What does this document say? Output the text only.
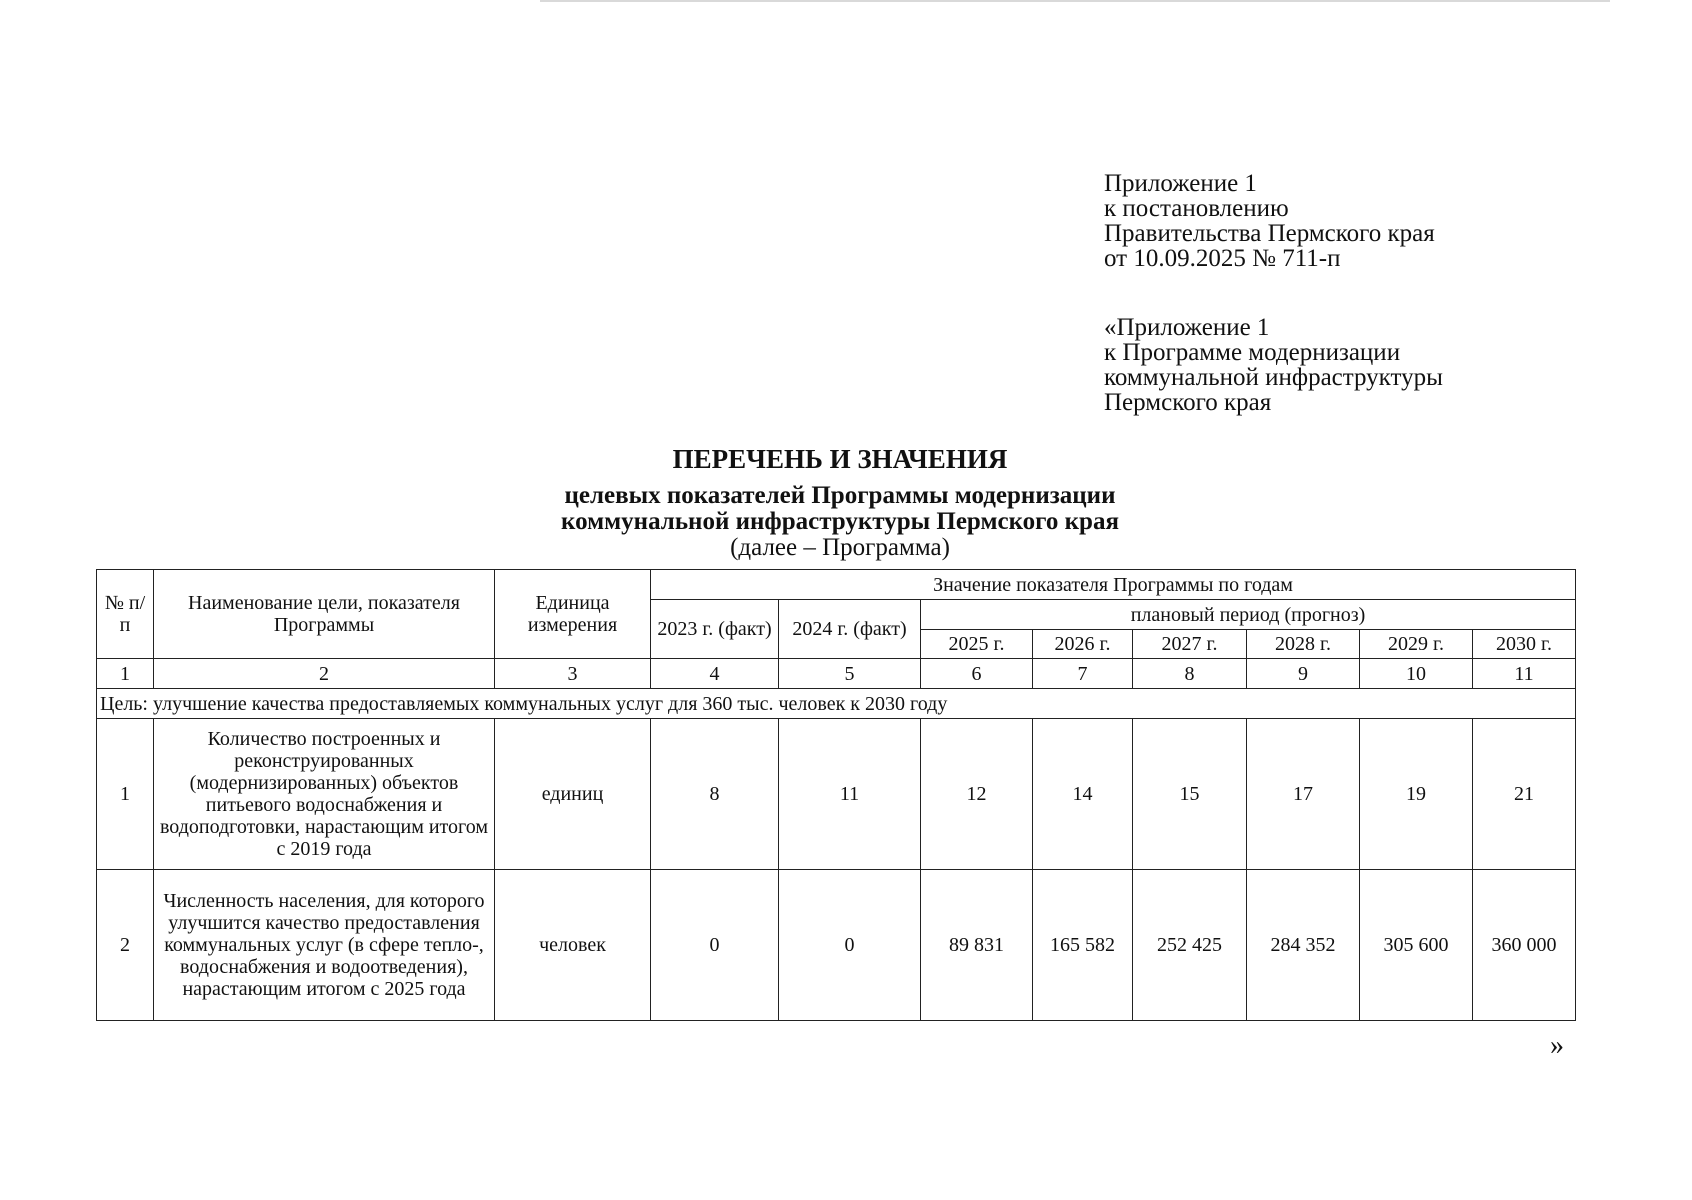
Приложение 1
к постановлению
Правительства Пермского края
от 10.09.2025 № 711-п
«Приложение 1
к Программе модернизации
коммунальной инфраструктуры
Пермского края
ПЕРЕЧЕНЬ И ЗНАЧЕНИЯ
целевых показателей Программы модернизации
коммунальной инфраструктуры Пермского края
(далее – Программа)
№ п/п	Наименование цели, показателя Программы	Единица измерения	Значение показателя Программы по годам							
			2023 г. (факт)	2024 г. (факт)	плановый период (прогноз)					
					2025 г.	2026 г.	2027 г.	2028 г.	2029 г.	2030 г.
1	2	3	4	5	6	7	8	9	10	11
Цель: улучшение качества предоставляемых коммунальных услуг для 360 тыс. человек к 2030 году										
1	Количество построенных и реконструированных (модернизированных) объектов питьевого водоснабжения и водоподготовки, нарастающим итогом с 2019 года	единиц	8	11	12	14	15	17	19	21
2	Численность населения, для которого улучшится качество предоставления коммунальных услуг (в сфере тепло-, водоснабжения и водоотведения), нарастающим итогом с 2025 года	человек	0	0	89 831	165 582	252 425	284 352	305 600	360 000
»
